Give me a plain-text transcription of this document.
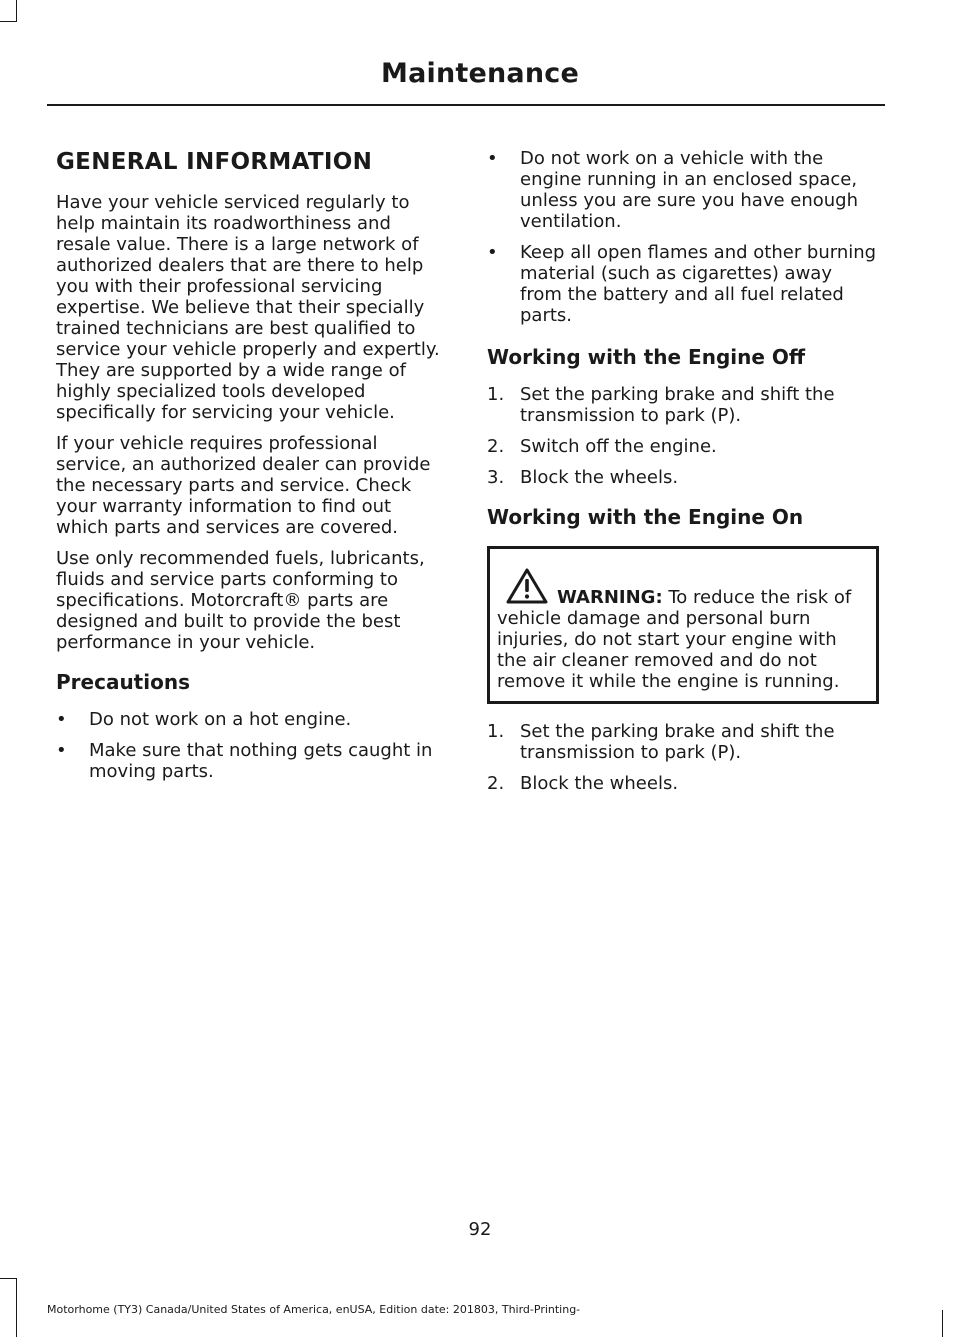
Maintenance
GENERAL INFORMATION

Have your vehicle serviced regularly to help maintain its roadworthiness and resale value. There is a large network of authorized dealers that are there to help you with their professional servicing expertise. We believe that their specially trained technicians are best qualified to service your vehicle properly and expertly. They are supported by a wide range of highly specialized tools developed specifically for servicing your vehicle.

If your vehicle requires professional service, an authorized dealer can provide the necessary parts and service. Check your warranty information to find out which parts and services are covered.

Use only recommended fuels, lubricants, fluids and service parts conforming to specifications. Motorcraft® parts are designed and built to provide the best performance in your vehicle.

Precautions
• Do not work on a hot engine.
• Make sure that nothing gets caught in moving parts.
• Do not work on a vehicle with the engine running in an enclosed space, unless you are sure you have enough ventilation.
• Keep all open flames and other burning material (such as cigarettes) away from the battery and all fuel related parts.
Working with the Engine Off
1. Set the parking brake and shift the transmission to park (P).
2. Switch off the engine.
3. Block the wheels.
Working with the Engine On
WARNING: To reduce the risk of vehicle damage and personal burn injuries, do not start your engine with the air cleaner removed and do not remove it while the engine is running.
1. Set the parking brake and shift the transmission to park (P).
2. Block the wheels.
92
Motorhome (TY3) Canada/United States of America, enUSA, Edition date: 201803, Third-Printing-
